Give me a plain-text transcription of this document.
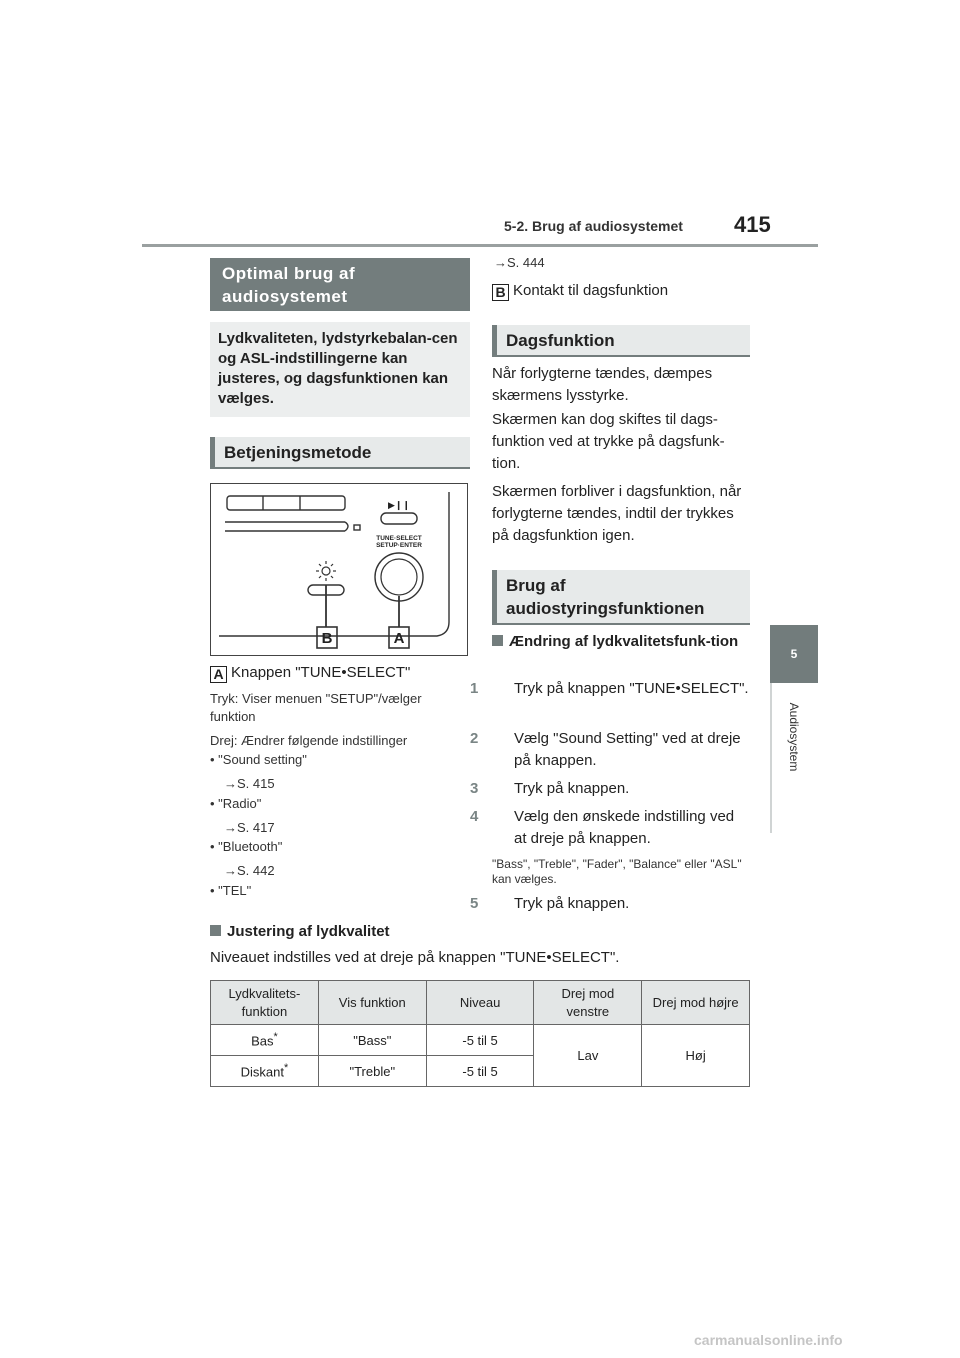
5-2. Brug af audiosystemet 415
5
Audiosystem
Optimal brug af audiosystemet
Lydkvaliteten, lydstyrkebalan-cen og ASL-indstillingerne kan justeres, og dagsfunktionen kan vælges.
Betjeningsmetode
▶❙❙
TUNE·SELECT
SETUP·ENTER
B	A
A Knappen "TUNE•SELECT"
Tryk: Viser menuen "SETUP"/vælger funktion
Drej: Ændrer følgende indstillinger
• "Sound setting"
→S. 415
• "Radio"
→S. 417
• "Bluetooth"
→S. 442
• "TEL"
→S. 444
B Kontakt til dagsfunktion
Dagsfunktion
Når forlygterne tændes, dæmpes skærmens lysstyrke.
Skærmen kan dog skiftes til dags-funktion ved at trykke på dagsfunk-tion.
Skærmen forbliver i dagsfunktion, når forlygterne tændes, indtil der trykkes på dagsfunktion igen.
Brug af audiostyringsfunktionen
Ændring af lydkvalitetsfunk-tion
1 Tryk på knappen "TUNE•SELECT".
2 Vælg "Sound Setting" ved at dreje på knappen.
3 Tryk på knappen.
4 Vælg den ønskede indstilling ved at dreje på knappen.
"Bass", "Treble", "Fader", "Balance" eller "ASL" kan vælges.
5 Tryk på knappen.
Justering af lydkvalitet
Niveauet indstilles ved at dreje på knappen "TUNE•SELECT".
Lydkvalitets-funktion	Vis funktion	Niveau	Drej mod venstre	Drej mod højre
Bas*	"Bass"	-5 til 5	Lav	Høj
Diskant*	"Treble"	-5 til 5		
carmanualsonline.info
